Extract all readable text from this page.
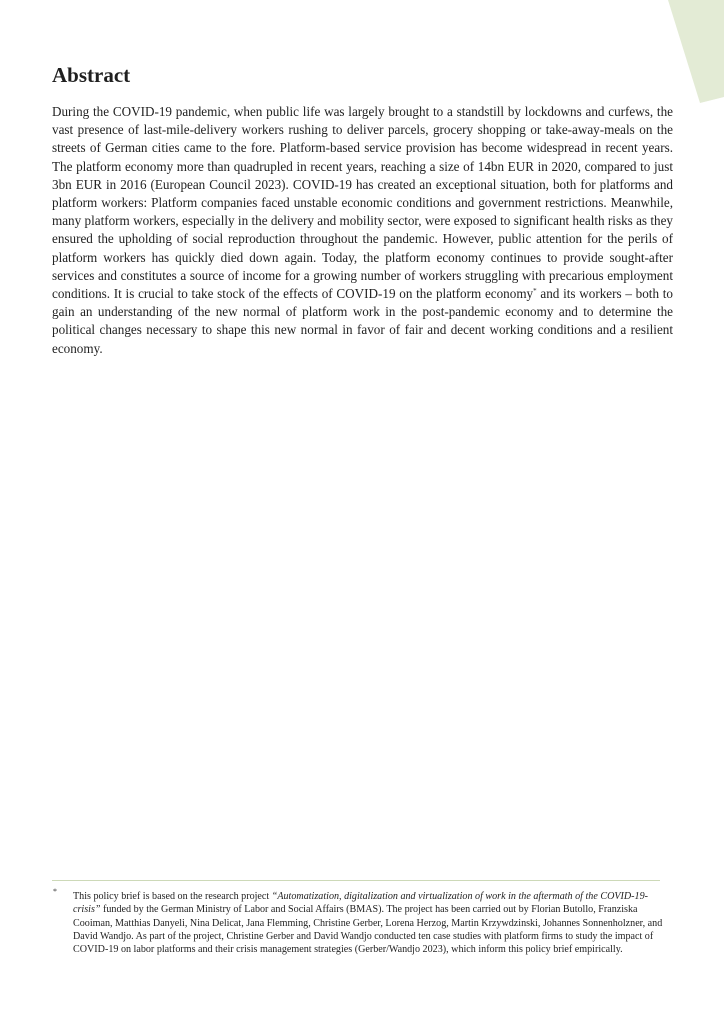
Abstract

During the COVID-19 pandemic, when public life was largely brought to a standstill by lockdowns and curfews, the vast presence of last-mile-delivery workers rushing to deliver parcels, grocery shopping or take-away-meals on the streets of German cities came to the fore. Platform-based service provision has become widespread in recent years. The platform economy more than quadrupled in recent years, reaching a size of 14bn EUR in 2020, compared to just 3bn EUR in 2016 (European Council 2023). COVID-19 has created an exceptional situation, both for platforms and platform workers: Platform companies faced unstable economic conditions and government restrictions. Meanwhile, many platform workers, especially in the delivery and mobility sector, were exposed to significant health risks as they ensured the upholding of social reproduction throughout the pandemic. However, public attention for the perils of platform workers has quickly died down again. Today, the platform economy continues to provide sought-after services and constitutes a source of income for a growing number of workers struggling with precarious employment conditions. It is crucial to take stock of the effects of COVID-19 on the platform economy* and its workers – both to gain an understanding of the new normal of platform work in the post-pandemic economy and to determine the political changes necessary to shape this new normal in favor of fair and decent working conditions and a resilient economy.

* This policy brief is based on the research project “Automatization, digitalization and virtualization of work in the aftermath of the COVID-19-crisis” funded by the German Ministry of Labor and Social Affairs (BMAS). The project has been carried out by Florian Butollo, Franziska Cooiman, Matthias Danyeli, Nina Delicat, Jana Flemming, Christine Gerber, Lorena Herzog, Martin Krzywdzinski, Johannes Sonnenholzner, and David Wandjo. As part of the project, Christine Gerber and David Wandjo conducted ten case studies with platform firms to study the impact of COVID-19 on labor platforms and their crisis management strategies (Gerber/Wandjo 2023), which inform this policy brief empirically.
